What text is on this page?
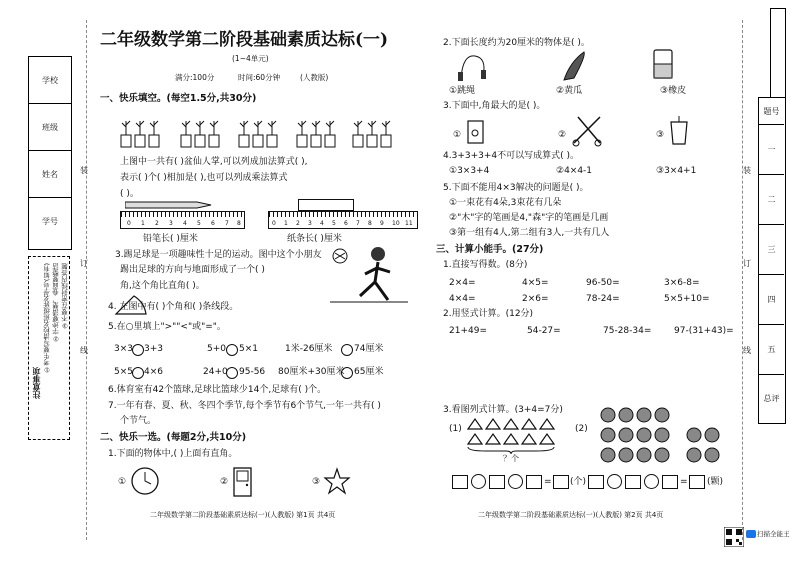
学校
班级
姓名
学号
装
订
线
注意事项
①考生要写清校名班级姓名学号(如有) ②字迹要清楚、卷面要整洁 ③不要在密封线内答题
二年级数学第二阶段基础素质达标(一)
(1~4单元)
满分:100分	时间:60分钟	(人教版)
一、快乐填空。(每空1.5分,共30分)
上图中一共有( )盆仙人掌,可以列成加法算式( ),
表示( )个( )相加是( ),也可以列成乘法算式
( )。
0 1 2 3 4 5 6 7 8	0 1 2 3 4 5 6 7 8 9 10 11
铅笔长( )厘米	纸条长( )厘米
3.踢足球是一项趣味性十足的运动。图中这个小朋友
踢出足球的方向与地面形成了一个( )
角,这个角比直角( )。
4. 左图中有( )个角和( )条线段。
5.在○里填上">""<"或"="。
3×3 3+3	5+0 5×1	1米-26厘米 74厘米
5×5 4×6	24+0 95-56 80厘米+30厘米 65厘米
6.体育室有42个篮球,足球比篮球少14个,足球有( )个。
7.一年有春、夏、秋、冬四个季节,每个季节有6个节气,一年一共有( )
个节气。
二、快乐一选。(每题2分,共10分)
1.下面的物体中,( )上面有直角。
①	②	③
二年级数学第二阶段基础素质达标(一)(人教版) 第1页 共4页
2.下面长度约为20厘米的物体是( )。
①跳绳	②黄瓜	③橡皮
3.下面中,角最大的是( )。
①	②	③
4.3+3+3+4不可以写成算式( )。
①3×3+4	②4×4-1	③3×4+1
5.下面不能用4×3解决的问题是( )。
①一束花有4朵,3束花有几朵
②"木"字的笔画是4,"森"字的笔画是几画
③第一组有4人,第二组有3人,一共有几人
三、计算小能手。(27分)
1.直接写得数。(8分)
2×4=	4×5=	96-50=	3×6-8=
4×4=	2×6=	78-24=	5×5+10=
2.用竖式计算。(12分)
21+49=	54-27=	75-28-34=	97-(31+43)=
3.看图列式计算。(3+4=7分)
(1)
？个
(2)
= (个)	= (颗)
二年级数学第二阶段基础素质达标(一)(人教版) 第2页 共4页
扫描全能王
装
订
线
题号
一
二
三
四
五
总评
